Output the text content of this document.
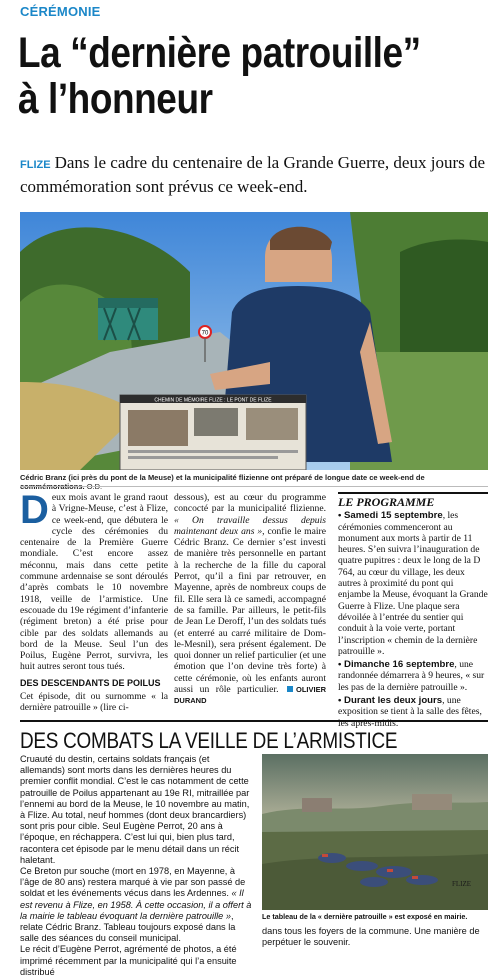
CÉRÉMONIE
La “dernière patrouille” à l’honneur
FLIZE Dans le cadre du centenaire de la Grande Guerre, deux jours de commémoration sont prévus ce week-end.
70
CHEMIN DE MÉMOIRE FLIZE : LE PONT DE FLIZE
Cédric Branz (ici près du pont de la Meuse) et la municipalité flizienne ont préparé de longue date ce week-end de commémorations. O.D.
Deux mois avant le grand raout à Vrigne-Meuse, c’est à Flize, ce week-end, que débutera le cycle des cérémonies du centenaire de la Première Guerre mondiale. C’est encore assez méconnu, mais dans cette petite commune ardennaise se sont déroulés d’après combats le 10 novembre 1918, veille de l’armistice. Une escouade du 19e régiment d’infanterie (régiment breton) a été prise pour cible par des soldats allemands au bord de la Meuse. Seul l’un des Poilus, Eugène Perrot, survivra, les huit autres seront tous tués.
DES DESCENDANTS DE POILUS
Cet épisode, dit ou surnomme « la dernière patrouille » (lire ci-
dessous), est au cœur du programme concocté par la municipalité flizienne. « On travaille dessus depuis maintenant deux ans », confie le maire Cédric Branz. Ce dernier s’est investi de manière très personnelle en partant à la recherche de la fille du caporal Perrot, qu’il a fini par retrouver, en Mayenne, après de nombreux coups de fil. Elle sera là ce samedi, accompagné de sa famille. Par ailleurs, le petit-fils de Jean Le Deroff, l’un des soldats tués (et enterré au carré militaire de Dom-le-Mesnil), sera présent également. De quoi donner un relief particulier (et une émotion que l’on devine très forte) à cette cérémonie, où les enfants auront aussi un rôle particulier. OLIVIER DURAND
LE PROGRAMME

• Samedi 15 septembre, les cérémonies commenceront au monument aux morts à partir de 11 heures. S’en suivra l’inauguration de quatre pupitres : deux le long de la D 764, au cœur du village, les deux autres à proximité du pont qui enjambe la Meuse, évoquant la Grande Guerre à Flize. Une plaque sera dévoilée à l’entrée du sentier qui conduit à la voie verte, portant l’inscription « chemin de la dernière patrouille ».

• Dimanche 16 septembre, une randonnée démarrera à 9 heures, « sur les pas de la dernière patrouille ».

• Durant les deux jours, une exposition se tient à la salle des fêtes, les après-midis.

DES COMBATS LA VEILLE DE L’ARMISTICE

Cruauté du destin, certains soldats français (et allemands) sont morts dans les dernières heures du premier conflit mondial. C’est le cas notamment de cette patrouille de Poilus appartenant au 19e RI, mitraillée par l’ennemi au bord de la Meuse, le 10 novembre au matin, à Flize. Au total, neuf hommes (dont deux brancardiers) sont pris pour cible. Seul Eugène Perrot, 20 ans à l’époque, en réchappera. C’est lui qui, bien plus tard, racontera cet épisode par le menu détail dans un récit haletant.

Ce Breton pur souche (mort en 1978, en Mayenne, à l’âge de 80 ans) restera marqué à vie par son passé de soldat et les événements vécus dans les Ardennes. « Il est revenu à Flize, en 1958. À cette occasion, il a offert à la mairie le tableau évoquant la dernière patrouille », relate Cédric Branz. Tableau toujours exposé dans la salle des séances du conseil municipal.

Le récit d’Eugène Perrot, agrémenté de photos, a été imprimé récemment par la municipalité qui l’a ensuite distribué

FLIZE
Le tableau de la « dernière patrouille » est exposé en mairie.
dans tous les foyers de la commune. Une manière de perpétuer le souvenir.
